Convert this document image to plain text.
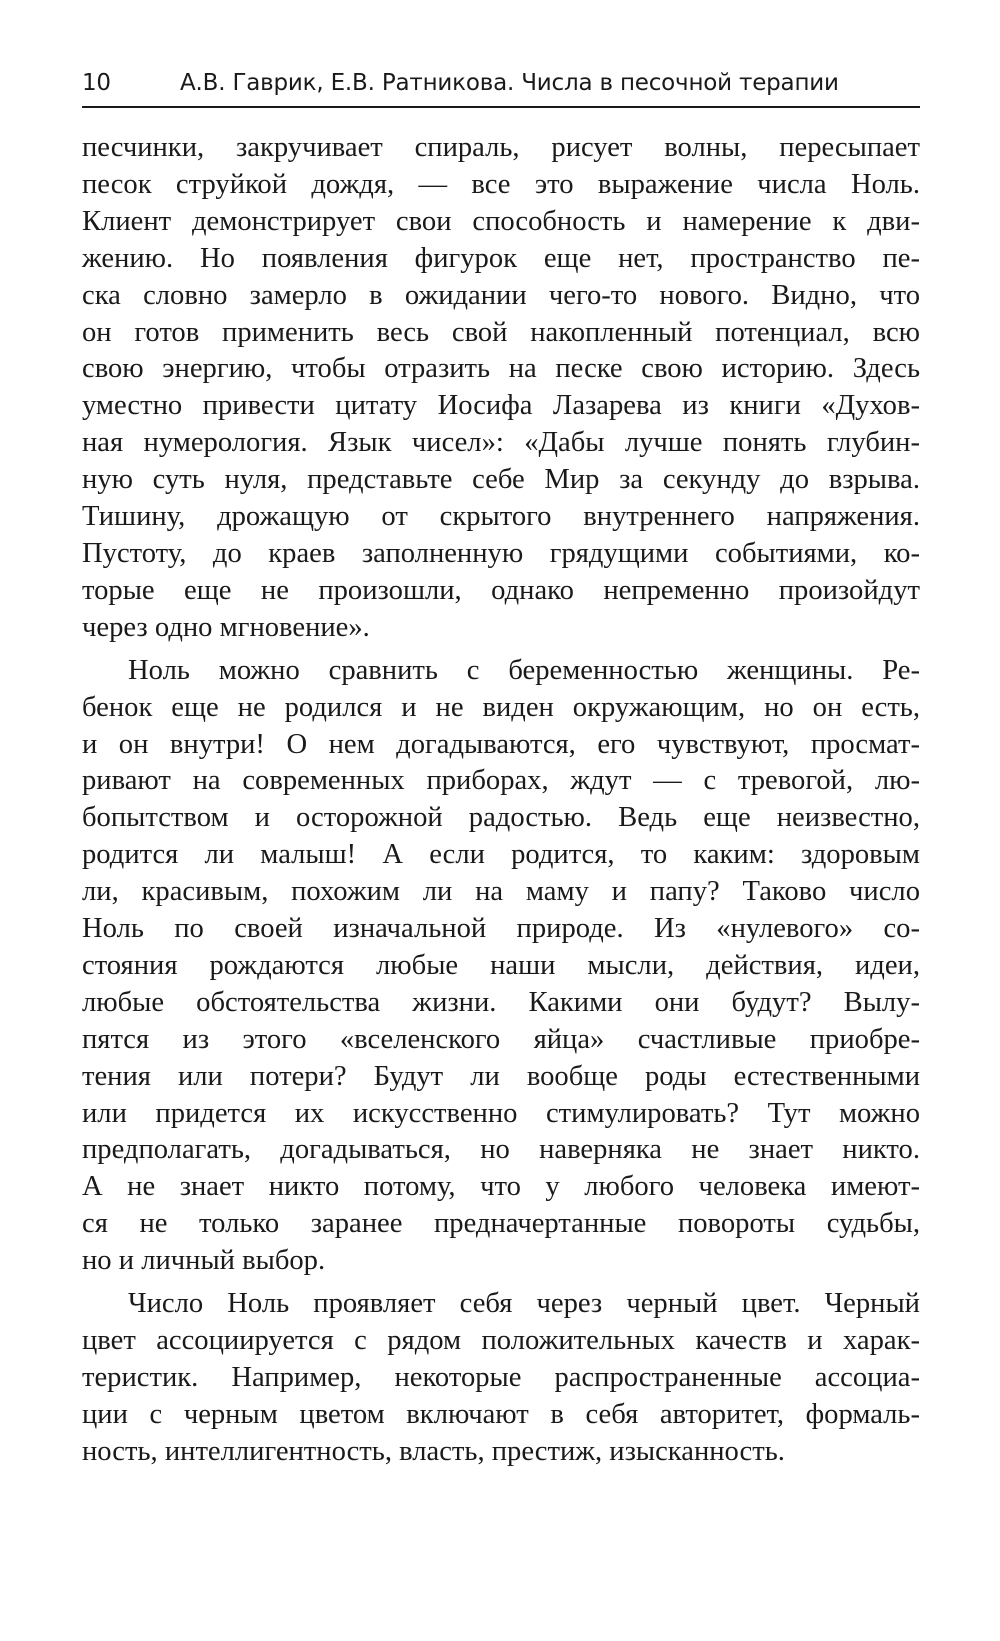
10	А.В. Гаврик, Е.В. Ратникова. Числа в песочной терапии
песчинки, закручивает спираль, рисует волны, пересыпает
песок струйкой дождя, — все это выражение числа Ноль.
Клиент демонстрирует свои способность и намерение к дви-
жению. Но появления фигурок еще нет, пространство пе-
ска словно замерло в ожидании чего-то нового. Видно, что
он готов применить весь свой накопленный потенциал, всю
свою энергию, чтобы отразить на песке свою историю. Здесь
уместно привести цитату Иосифа Лазарева из книги «Духов-
ная нумерология. Язык чисел»: «Дабы лучше понять глубин-
ную суть нуля, представьте себе Мир за секунду до взрыва.
Тишину, дрожащую от скрытого внутреннего напряжения.
Пустоту, до краев заполненную грядущими событиями, ко-
торые еще не произошли, однако непременно произойдут
через одно мгновение».
Ноль можно сравнить с беременностью женщины. Ре-
бенок еще не родился и не виден окружающим, но он есть,
и он внутри! О нем догадываются, его чувствуют, просмат-
ривают на современных приборах, ждут — с тревогой, лю-
бопытством и осторожной радостью. Ведь еще неизвестно,
родится ли малыш! А если родится, то каким: здоровым
ли, красивым, похожим ли на маму и папу? Таково число
Ноль по своей изначальной природе. Из «нулевого» со-
стояния рождаются любые наши мысли, действия, идеи,
любые обстоятельства жизни. Какими они будут? Вылу-
пятся из этого «вселенского яйца» счастливые приобре-
тения или потери? Будут ли вообще роды естественными
или придется их искусственно стимулировать? Тут можно
предполагать, догадываться, но наверняка не знает никто.
А не знает никто потому, что у любого человека имеют-
ся не только заранее предначертанные повороты судьбы,
но и личный выбор.
Число Ноль проявляет себя через черный цвет. Черный
цвет ассоциируется с рядом положительных качеств и харак-
теристик. Например, некоторые распространенные ассоциа-
ции с черным цветом включают в себя авторитет, формаль-
ность, интеллигентность, власть, престиж, изысканность.
